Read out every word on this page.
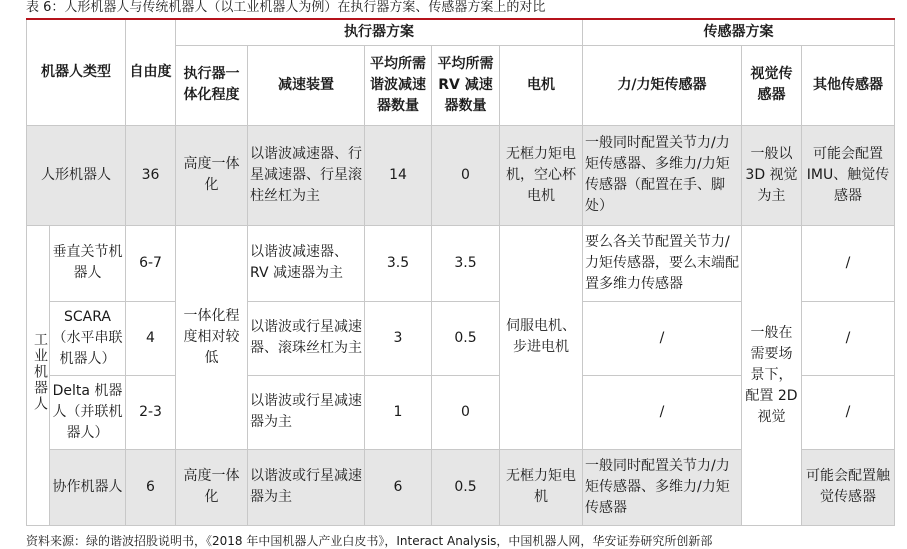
表 6：人形机器人与传统机器人（以工业机器人为例）在执行器方案、传感器方案上的对比
机器人类型		自由度	执行器方案					传感器方案		
			执行器一体化程度	减速装置	平均所需谐波减速器数量	平均所需RV 减速器数量	电机	力/力矩传感器	视觉传感器	其他传感器
人形机器人		36	高度一体化	以谐波减速器、行星减速器、行星滚柱丝杠为主	14	0	无框力矩电机，空心杯电机	一般同时配置关节力/力矩传感器、多维力/力矩传感器（配置在手、脚处）	一般以3D 视觉为主	可能会配置IMU、触觉传感器
工业机器人	垂直关节机器人	6-7	一体化程度相对较低	以谐波减速器、RV 减速器为主	3.5	3.5	伺服电机、步进电机	要么各关节配置关节力/力矩传感器，要么末端配置多维力传感器	一般在需要场景下，配置 2D视觉	/
	SCARA（水平串联机器人）	4		以谐波或行星减速器、滚珠丝杠为主	3	0.5		/		/
	Delta 机器人（并联机器人）	2-3		以谐波或行星减速器为主	1	0		/		/
	协作机器人	6	高度一体化	以谐波或行星减速器为主	6	0.5	无框力矩电机	一般同时配置关节力/力矩传感器、多维力/力矩传感器		可能会配置触觉传感器
资料来源：绿的谐波招股说明书，《2018 年中国机器人产业白皮书》，Interact Analysis，中国机器人网，华安证券研究所创新部
